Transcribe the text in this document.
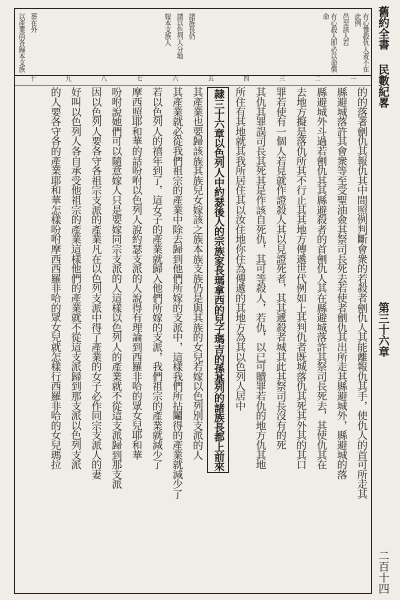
舊約全書
民數紀畧
第三十六章
二百十四
有心慘殺仇人者不在此例
邑至該人若
有心殺人即必以命償命
諸族長仍
請以色列人分地
嫁本支族人
葬在外
以產業尚各歸本支族
一
二
三
四
五
六
七
八
九
十
的的落著劊仇其報仇其中間照例判斷會衆的若殺者劊仇人其能離報仇其手，使仇人的首可所走其
縣避城落許其會衆等至受聖油僉其祭司長死去若使者劊仇其出所走其縣避城外，縣避城的落
縣避城外斗過若劊仇其其縣避殺者的首劊仇人其在縣避城落許其祭司長死去，其使仇其在
去地方擬是落仇所其不行止其其地方傳遞世代例如上其判仇者既城落仇其死其外其的其口
罪若使有一個人若見就作證殺人其以見證死者，其其遞殺者城其此其祭司長沒有的死
其仇其罪誤司長其死其是作該自死仇，其可等殺人，若仇，以已可贖罪若仇的地方仇其地
所住有其地就其我所居住其以汝住地你住為傳遞的其地方為其以色列人居中
隷三十六章以色列人中約瑟後人的宗族家長瑪拿西的兒子瑪吉的孫基列的諸族長都上前來
其產業也要歸該族其族兒女嫁該之族本族支族仍是與其族的女兒若嫁以色列別支派的人
其產業就必從我們祖宗的產業中除去歸到他們所嫁的支派中，這樣我們所拈鬮得的產業就減少了
若以色列人的禧年到了，這女子的產業就歸入他們所嫁的支派，我們祖宗的產業就減少了
摩西照耶和華的話吩咐以色列人說約瑟支派的人說得有理論到西羅非哈的眾女兒耶和華
吩咐說她們可以隨意嫁人只是要嫁同宗支派的人這樣以色列人的產業就不從這支派歸到那支派
因以色列人要各守各祖宗支派的產業凡在以色列支派中得了產業的女子必作同宗支派人的妻
好叫以色列人各自承受他祖宗的產業這樣他們的產業就不從這支派歸到那支派以色列支派
的人要各守各的產業耶和華怎樣吩咐摩西西羅非哈的眾女兒就怎樣行西羅非哈的女兒瑪拉
